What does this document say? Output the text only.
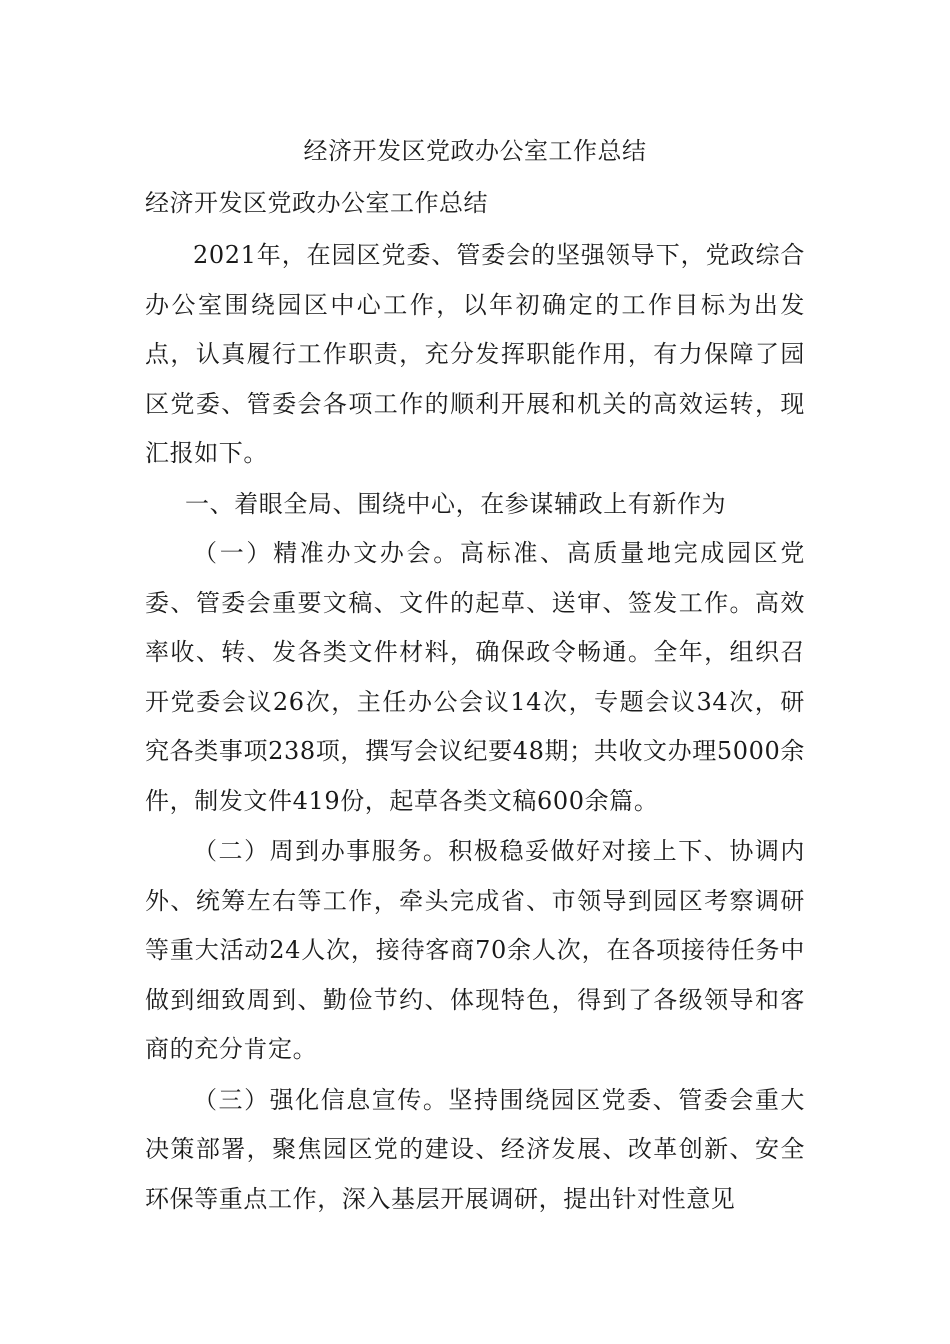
经济开发区党政办公室工作总结

经济开发区党政办公室工作总结

2021年，在园区党委、管委会的坚强领导下，党政综合办公室围绕园区中心工作，以年初确定的工作目标为出发点，认真履行工作职责，充分发挥职能作用，有力保障了园区党委、管委会各项工作的顺利开展和机关的高效运转，现汇报如下。

一、着眼全局、围绕中心，在参谋辅政上有新作为

（一）精准办文办会。高标准、高质量地完成园区党委、管委会重要文稿、文件的起草、送审、签发工作。高效率收、转、发各类文件材料，确保政令畅通。全年，组织召开党委会议26次，主任办公会议14次，专题会议34次，研究各类事项238项，撰写会议纪要48期；共收文办理5000余件，制发文件419份，起草各类文稿600余篇。

（二）周到办事服务。积极稳妥做好对接上下、协调内外、统筹左右等工作，牵头完成省、市领导到园区考察调研等重大活动24人次，接待客商70余人次，在各项接待任务中做到细致周到、勤俭节约、体现特色，得到了各级领导和客商的充分肯定。

（三）强化信息宣传。坚持围绕园区党委、管委会重大决策部署，聚焦园区党的建设、经济发展、改革创新、安全环保等重点工作，深入基层开展调研，提出针对性意见
